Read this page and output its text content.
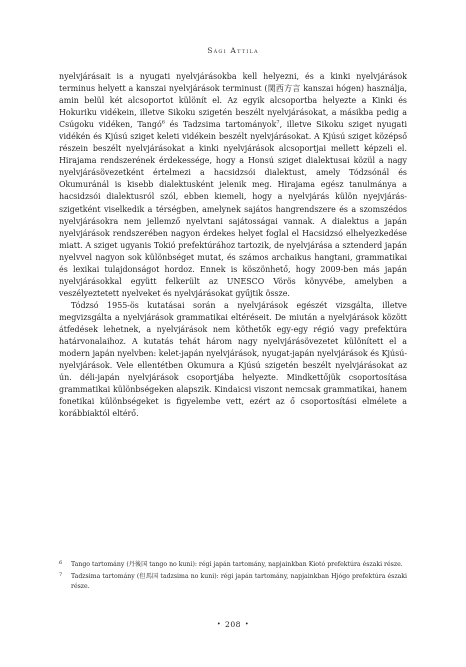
Sági Attila

nyelvjárásait is a nyugati nyelvjárásokba kell helyezni, és a kinki nyelvjárások terminus helyett a kanszai nyelvjárások terminust (関西方言 kanszai hógen) használja, amin belül két alcsoportot különít el. Az egyik alcsoportba helyezte a Kinki és Hokuriku vidékein, illetve Sikoku szigetén beszélt nyelvjárásokat, a másikba pedig a Csúgoku vidéken, Tangó$^6$ és Tadzsima tartományok$^7$, illetve Sikoku sziget nyugati vidékén és Kjúsú sziget keleti vidékein beszélt nyelvjárásokat. A Kjúsú sziget középső részein beszélt nyelvjárásokat a kinki nyelvjárások alcsoportjai mellett képzeli el. Hirajama rendszerének érdekessége, hogy a Honsú sziget dialektusai közül a nagy nyelvjárásövezetként értelmezi a hacsidzsói dialektust, amely Tódzsónál és Okumuránál is kisebb dialektusként jelenik meg. Hirajama egész tanulmánya a hacsidzsói dialektusról szól, ebben kiemeli, hogy a nyelvjárás külön nyejvjárás-szigetként viselkedik a térségben, amelynek sajátos hangrendszere és a szomszédos nyelvjárásokra nem jellemző nyelvtani sajátosságai vannak. A dialektus a japán nyelvjárások rendszerében nagyon érdekes helyet foglal el Hacsidzsó elhelyezkedése miatt. A sziget ugyanis Tokió prefektúrához tartozik, de nyelvjárása a sztenderd japán nyelvvel nagyon sok különbséget mutat, és számos archaikus hangtani, grammatikai és lexikai tulajdonságot hordoz. Ennek is köszönhető, hogy 2009-ben más japán nyelvjárásokkal együtt felkerült az UNESCO Vörös könyvébe, amelyben a veszélyeztetett nyelveket és nyelvjárásokat gyűjtik össze.

Tódzsó 1955-ös kutatásai során a nyelvjárások egészét vizsgálta, illetve megvizsgálta a nyelvjárások grammatikai eltéréseit. De miután a nyelvjárások között átfedések lehetnek, a nyelvjárások nem köthetők egy-egy régió vagy prefektúra határvonalaihoz. A kutatás tehát három nagy nyelvjárásövezetet különített el a modern japán nyelvben: kelet-japán nyelvjárások, nyugat-japán nyelvjárások és Kjúsú-nyelvjárások. Vele ellentétben Okumura a Kjúsú szigetén beszélt nyelvjárásokat az ún. déli-japán nyelvjárások csoportjába helyezte. Mindkettőjük csoportosítása grammatikai különbségeken alapszik. Kindaicsi viszont nemcsak grammatikai, hanem fonetikai különbségeket is figyelembe vett, ezért az ő csoportosítási elmélete a korábbiaktól eltérő.

6 Tango tartomány (丹後国 tango no kuni): régi japán tartomány, napjainkban Kiotó prefektúra északi része.
7 Tadzsima tartomány (但馬国 tadzsima no kuni): régi japán tartomány, napjainkban Hjógo prefektúra északi része.
• 208 •
